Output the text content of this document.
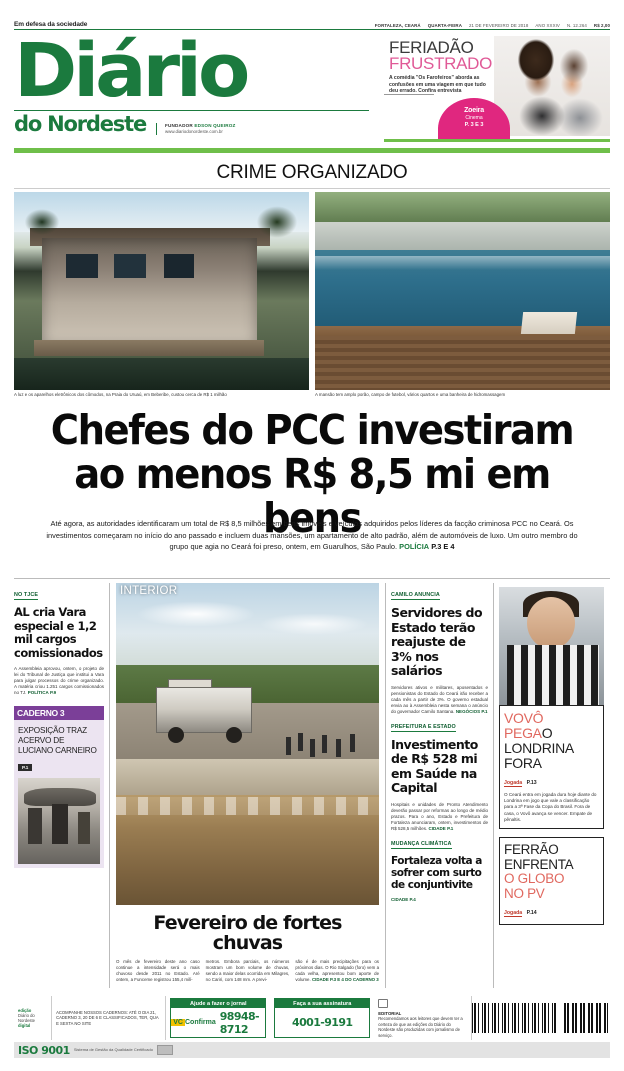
Em defesa da sociedade	FORTALEZA, CEARÁ QUARTA-FEIRA 21 DE FEVEREIRO DE 2018 ANO XXXIV N. 12.264 R$ 2,00
Diário
do Nordeste	FUNDADOR EDSON QUEIROZ
www.diariodonordeste.com.br
FERIADÃO
FRUSTRADO
A comédia "Os Farofeiros" aborda as confusões em uma viagem em que tudo deu errado. Confira entrevista
Zoeira
Cinema
P. 3 E 3
CRIME ORGANIZADO
A luz e os aparelhos eletrônicos dos cômodos, na Praia do Uruaú, em Beberibe, custou cerca de R$ 1 milhão	A mansão tem amplo porão, campo de futebol, vários quartos e uma banheira de hidromassagem
Chefes do PCC investiram
ao menos R$ 8,5 mi em bens
Até agora, as autoridades identificaram um total de R$ 8,5 milhões em bens imóveis e veículos adquiridos pelos líderes da facção criminosa PCC no Ceará. Os investimentos começaram no início do ano passado e incluem duas mansões, um apartamento de alto padrão, além de automóveis de luxo. Um outro membro do grupo que agia no Ceará foi preso, ontem, em Guarulhos, São Paulo. POLÍCIA P.3 E 4
NO TJCE
AL cria Vara especial e 1,2 mil cargos comissionados
A Assembleia aprovou, ontem, o projeto de lei do Tribunal de Justiça que institui a Vara para julgar processos do crime organizado. A matéria criou 1.251 cargos comissionados no TJ. POLÍTICA P.9
CADERNO 3
EXPOSIÇÃO TRAZ ACERVO DE LUCIANO CARNEIRO
P.1
INTERIOR
Fevereiro de fortes chuvas
O mês de fevereiro deste ano caso continue a intensidade será o mais chuvoso desde 2011 no Estado. Aré ontem, a Funceme registrou 155,4 milí-
metros. Embora parciais, os números mostram um bom volume de chuvas, sendo a maior delas ocorrida em Milagres, no Cariri, com 148 mm. A previ-
são é de mais precipitações para os próximos dias. O Rio Salgado (foro) vem a cada velha, apresentou bom aporte de volume. CIDADE P.3 E 4 DO CADERNO 3
CAMILO ANUNCIA
Servidores do Estado terão reajuste de 3% nos salários
Servidores ativos e militares, aposentados e pensionistas do Estado do Ceará irão receber a cada mês a partir de 3%. O governo estadual envia ao à Assembleia nesta semana o anúncio do governador Camilo Santana. NEGÓCIOS P.1
PREFEITURA E ESTADO
Investimento de R$ 528 mi em Saúde na Capital
Hospitais e unidades de Pronto Atendimento deverão passar por reformas ao longo de médio prazos. Para o ano, Estado e Prefeitura de Fortaleza anunciaram, ontem, investimentos de R$ 528,5 milhões. CIDADE P.1
MUDANÇA CLIMÁTICA
Fortaleza volta a sofrer com surto de conjuntivite
CIDADE P.4
VOVÔ
PEGAO
LONDRINA
FORA
Jogada P.13
O Ceará entra em jogada dura hoje diante do Londrina em jogo que vale a classificação para a 3ª Fase da Copa do Brasil. Fora de casa, o Vovô avança se vencer. Empate de pênaltis.
FERRÃO
ENFRENTA
O GLOBO
NO PV
Jogada P.14
edição
Diário do Nordeste
digital
ACOMPANHE NOSSOS CADERNOS: ATÉ O DIA 21, CADERNO 3, 20 DE 6 E CLASSIFICADOS, TER, QUA E SEXTA NO SITE
Ajude a fazer o jornal
VC Confirma 98948-8712
Faça a sua assinatura
4001-9191
EDITORIAL
Recomendamos aos leitores que devem ter a certeza de que as edições do Diário do Nordeste são produzidas com jornalismo de serviço.
ISO 9001 Sistema de Gestão da Qualidade Certificado
